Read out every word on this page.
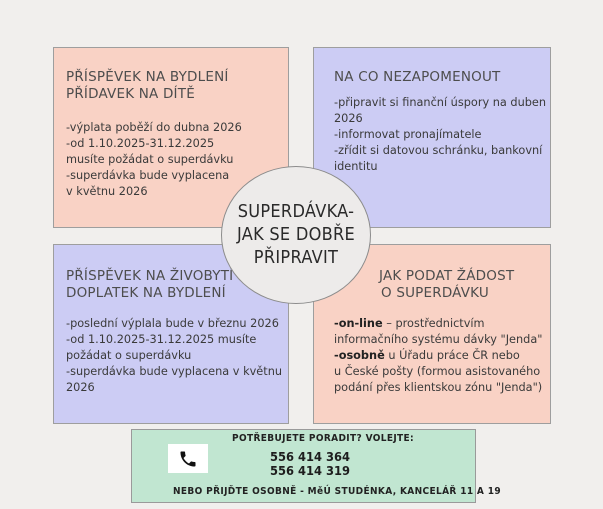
PŘÍSPĚVEK NA BYDLENÍ
PŘÍDAVEK NA DÍTĚ
-výplata poběží do dubna 2026
-od 1.10.2025-31.12.2025
musíte požádat o superdávku
-superdávka bude vyplacena
v květnu 2026
NA CO NEZAPOMENOUT
-připravit si finanční úspory na duben
2026
-informovat pronajímatele
-zřídit si datovou schránku, bankovní
identitu
PŘÍSPĚVEK NA ŽIVOBYTÍ
DOPLATEK NA BYDLENÍ
-poslední výplala bude v březnu 2026
-od 1.10.2025-31.12.2025 musíte
požádat o superdávku
-superdávka bude vyplacena v květnu
2026
JAK PODAT ŽÁDOST
O SUPERDÁVKU
-on-line – prostřednictvím
informačního systému dávky "Jenda"
-osobně u Úřadu práce ČR nebo
u České pošty (formou asistovaného
podání přes klientskou zónu "Jenda")
SUPERDÁVKA-
JAK SE DOBŘE
PŘIPRAVIT
POTŘEBUJETE PORADIT? VOLEJTE:
556 414 364
556 414 319
NEBO PŘIJĎTE OSOBNĚ - MěÚ STUDÉNKA, KANCELÁŘ 11 A 19
